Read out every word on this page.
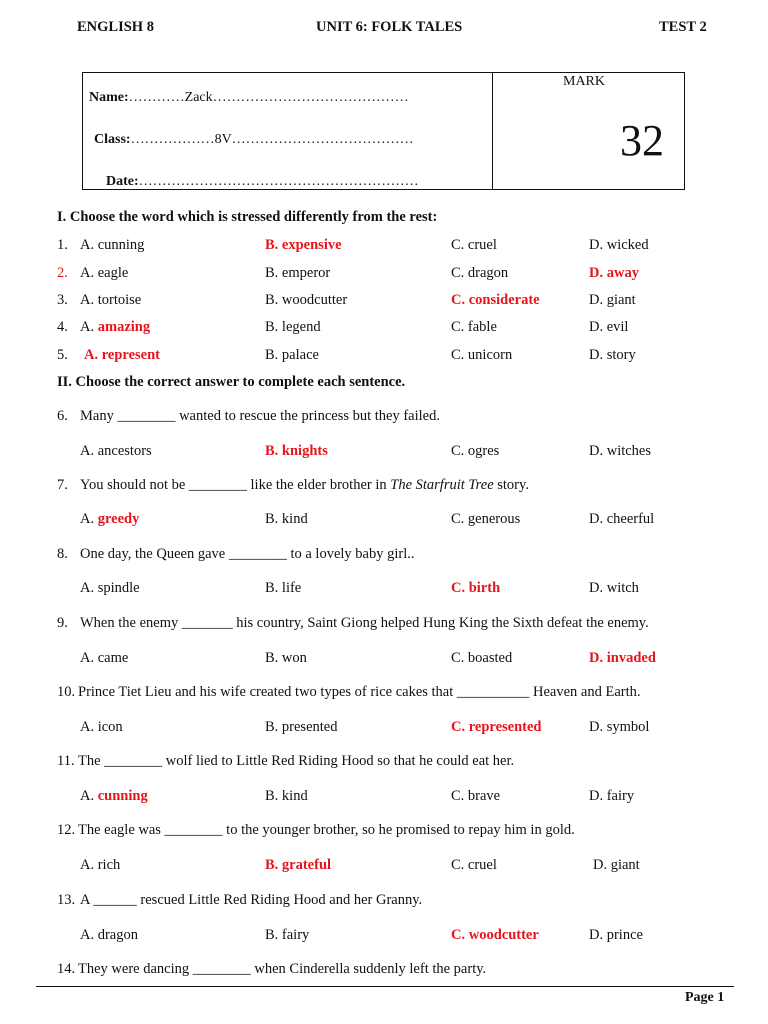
ENGLISH 8	UNIT 6: FOLK TALES	TEST 2
Name:…………Zack……………………………………
Class:………………8V…………………………………
Date:……………………………………………………
MARK
32
I. Choose the word which is stressed differently from the rest:
1. A. cunning	B. expensive	C. cruel	D. wicked
2. A. eagle	B. emperor	C. dragon	D. away
3. A. tortoise	B. woodcutter	C. considerate	D. giant
4. A. amazing	B. legend	C. fable	D. evil
5. A. represent	B. palace	C. unicorn	D. story
II. Choose the correct answer to complete each sentence.
6. Many ________ wanted to rescue the princess but they failed.
A. ancestors	B. knights	C. ogres	D. witches
7. You should not be ________ like the elder brother in The Starfruit Tree story.
A. greedy	B. kind	C. generous	D. cheerful
8. One day, the Queen gave ________ to a lovely baby girl..
A. spindle	B. life	C. birth	D. witch
9. When the enemy _______ his country, Saint Giong helped Hung King the Sixth defeat the enemy.
A. came	B. won	C. boasted	D. invaded
10. Prince Tiet Lieu and his wife created two types of rice cakes that __________ Heaven and Earth.
A. icon	B. presented	C. represented	D. symbol
11. The ________ wolf lied to Little Red Riding Hood so that he could eat her.
A. cunning	B. kind	C. brave	D. fairy
12. The eagle was ________ to the younger brother, so he promised to repay him in gold.
A. rich	B. grateful	C. cruel	D. giant
13. A ______ rescued Little Red Riding Hood and her Granny.
A. dragon	B. fairy	C. woodcutter	D. prince
14. They were dancing ________ when Cinderella suddenly left the party.
Page 1
